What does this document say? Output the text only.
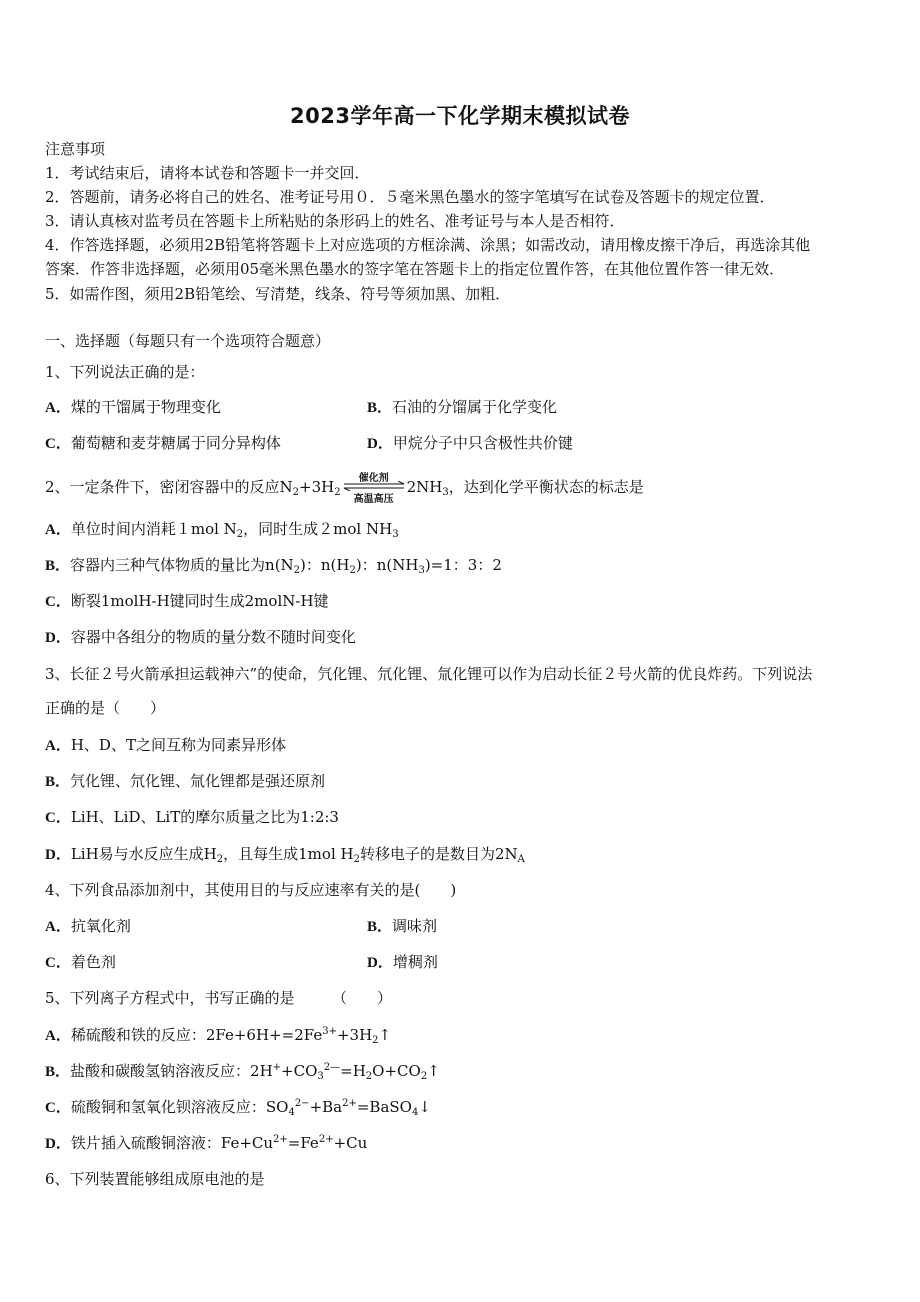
2023学年高一下化学期末模拟试卷
注意事项
1．考试结束后，请将本试卷和答题卡一并交回．
2．答题前，请务必将自己的姓名、准考证号用０．５毫米黑色墨水的签字笔填写在试卷及答题卡的规定位置．
3．请认真核对监考员在答题卡上所粘贴的条形码上的姓名、准考证号与本人是否相符．
4．作答选择题，必须用2B铅笔将答题卡上对应选项的方框涂满、涂黑；如需改动，请用橡皮擦干净后，再选涂其他
答案．作答非选择题，必须用05毫米黑色墨水的签字笔在答题卡上的指定位置作答，在其他位置作答一律无效．
5．如需作图，须用2B铅笔绘、写清楚，线条、符号等须加黑、加粗．
一、选择题（每题只有一个选项符合题意）
1、下列说法正确的是：
A．煤的干馏属于物理变化	B．石油的分馏属于化学变化
C．葡萄糖和麦芽糖属于同分异构体	D．甲烷分子中只含极性共价键
2、一定条件下，密闭容器中的反应$N_2+3H_2$
催化剂
高温高压
$2NH_3$，达到化学平衡状态的标志是
A．单位时间内消耗１mol $N_2$，同时生成２mol $NH_3$
B．容器内三种气体物质的量比为$n(N_2)$：$n(H_2)$：$n(NH_3)=1$：3：2
C．断裂1molH-H键同时生成2molN-H键
D．容器中各组分的物质的量分数不随时间变化
3、长征２号火箭承担运载神六”的使命，氕化锂、氘化锂、氚化锂可以作为启动长征２号火箭的优良炸药。下列说法
正确的是（　　）
A．H、D、T之间互称为同素异形体
B．氕化锂、氘化锂、氚化锂都是强还原剂
C．LiH、LiD、LiT的摩尔质量之比为1:2:3
D．LiH易与水反应生成$H_2$，且每生成1mol $H_2$转移电子的是数目为$2N_A$
4、下列食品添加剂中，其使用目的与反应速率有关的是(　　)
A．抗氧化剂	B．调味剂
C．着色剂	D．增稠剂
5、下列离子方程式中，书写正确的是　　　（　　）
A．稀硫酸和铁的反应：$2Fe+6H+=2Fe^{3+}+3H_2↑$
B．盐酸和碳酸氢钠溶液反应：$2H^++CO_3^{2—}=H_2O+CO_2↑$
C．硫酸铜和氢氧化钡溶液反应：$SO_4^{2-}+Ba^{2+}=BaSO_4↓$
D．铁片插入硫酸铜溶液：$Fe+Cu^{2+}=Fe^{2+}+Cu$
6、下列装置能够组成原电池的是
